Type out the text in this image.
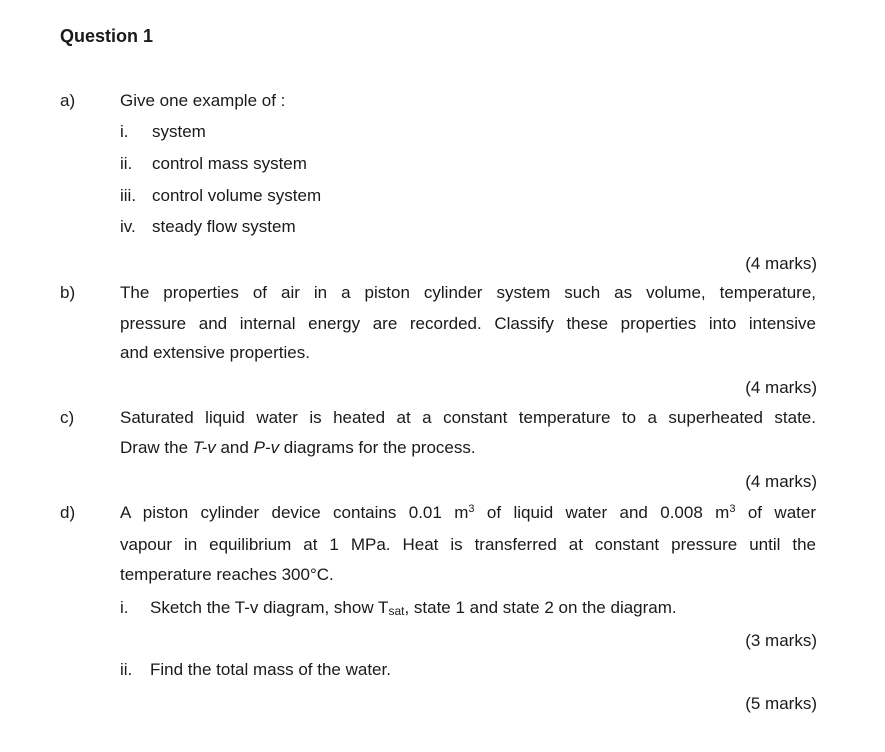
Question 1
a)	Give one example of :
i. system
ii. control mass system
iii. control volume system
iv. steady flow system
(4 marks)
b)	The properties of air in a piston cylinder system such as volume, temperature,
pressure and internal energy are recorded. Classify these properties into intensive
and extensive properties.
(4 marks)
c)	Saturated liquid water is heated at a constant temperature to a superheated state.
Draw the T-v and P-v diagrams for the process.
(4 marks)
d)	A piston cylinder device contains 0.01 $m^3$ of liquid water and 0.008 $m^3$ of water
vapour in equilibrium at 1 MPa. Heat is transferred at constant pressure until the
temperature reaches 300°C.
i. Sketch the T-v diagram, show Tsat, state 1 and state 2 on the diagram.
(3 marks)
ii. Find the total mass of the water.
(5 marks)
